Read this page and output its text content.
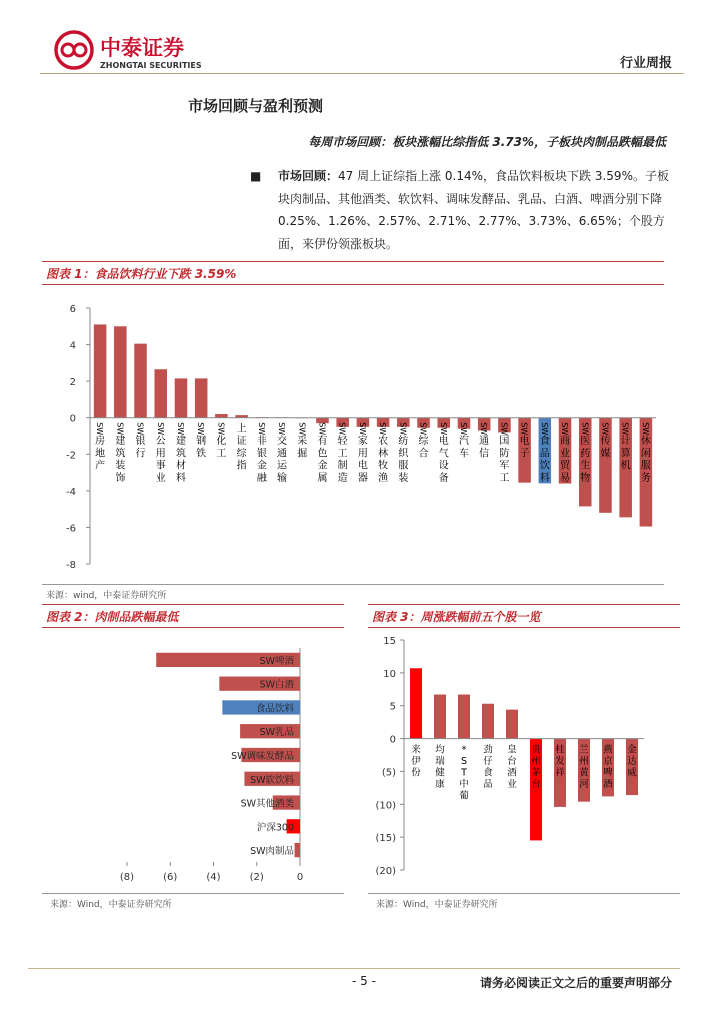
中泰证券
ZHONGTAI SECURITIES	行业周报
市场回顾与盈利预测
每周市场回顾：板块涨幅比综指低 3.73%，子板块肉制品跌幅最低
■ 市场回顾：47 周上证综指上涨 0.14%，食品饮料板块下跌 3.59%。子板块肉制品、其他酒类、软饮料、调味发酵品、乳品、白酒、啤酒分别下降 0.25%、1.26%、2.57%、2.71%、2.77%、3.73%、6.65%；个股方面，来伊份领涨板块。
图表 1：食品饮料行业下跌 3.59%
6
4
2
0
-2
-4
-6
-8
SW
房
地
产
SW
建
筑
装
饰
SW
银
行
SW
公
用
事
业
SW
建
筑
材
料
SW
钢
铁
SW
化
工
上
证
综
指
SW
非
银
金
融
SW
交
通
运
输
SW
采
掘
SW
有
色
金
属
SW
轻
工
制
造
SW
家
用
电
器
SW
农
林
牧
渔
SW
纺
织
服
装
SW
综
合
SW
电
气
设
备
SW
汽
车
SW
通
信
SW
国
防
军
工
SW
电
子
SW
食
品
饮
料
SW
商
业
贸
易
SW
医
药
生
物
SW
传
媒
SW
计
算
机
SW
休
闲
服
务
来源：wind，中泰证券研究所
图表 2：肉制品跌幅最低
SW啤酒
SW白酒
食品饮料
SW乳品
SW调味发酵品
SW软饮料
SW其他酒类
沪深300
SW肉制品
(8)	(6)	(4)	(2)	0
来源：Wind，中泰证券研究所
图表 3：周涨跌幅前五个股一览
15
10
5
0
(5)
(10)
(15)
(20)
来
伊
份
均
瑞
健
康
*
S
T
中
葡
劲
仔
食
品
皇
台
酒
业
贵
州
茅
台
桂
发
祥
兰
州
黄
河
燕
京
啤
酒
金
达
威
来源：Wind，中泰证券研究所
- 5 -	请务必阅读正文之后的重要声明部分
